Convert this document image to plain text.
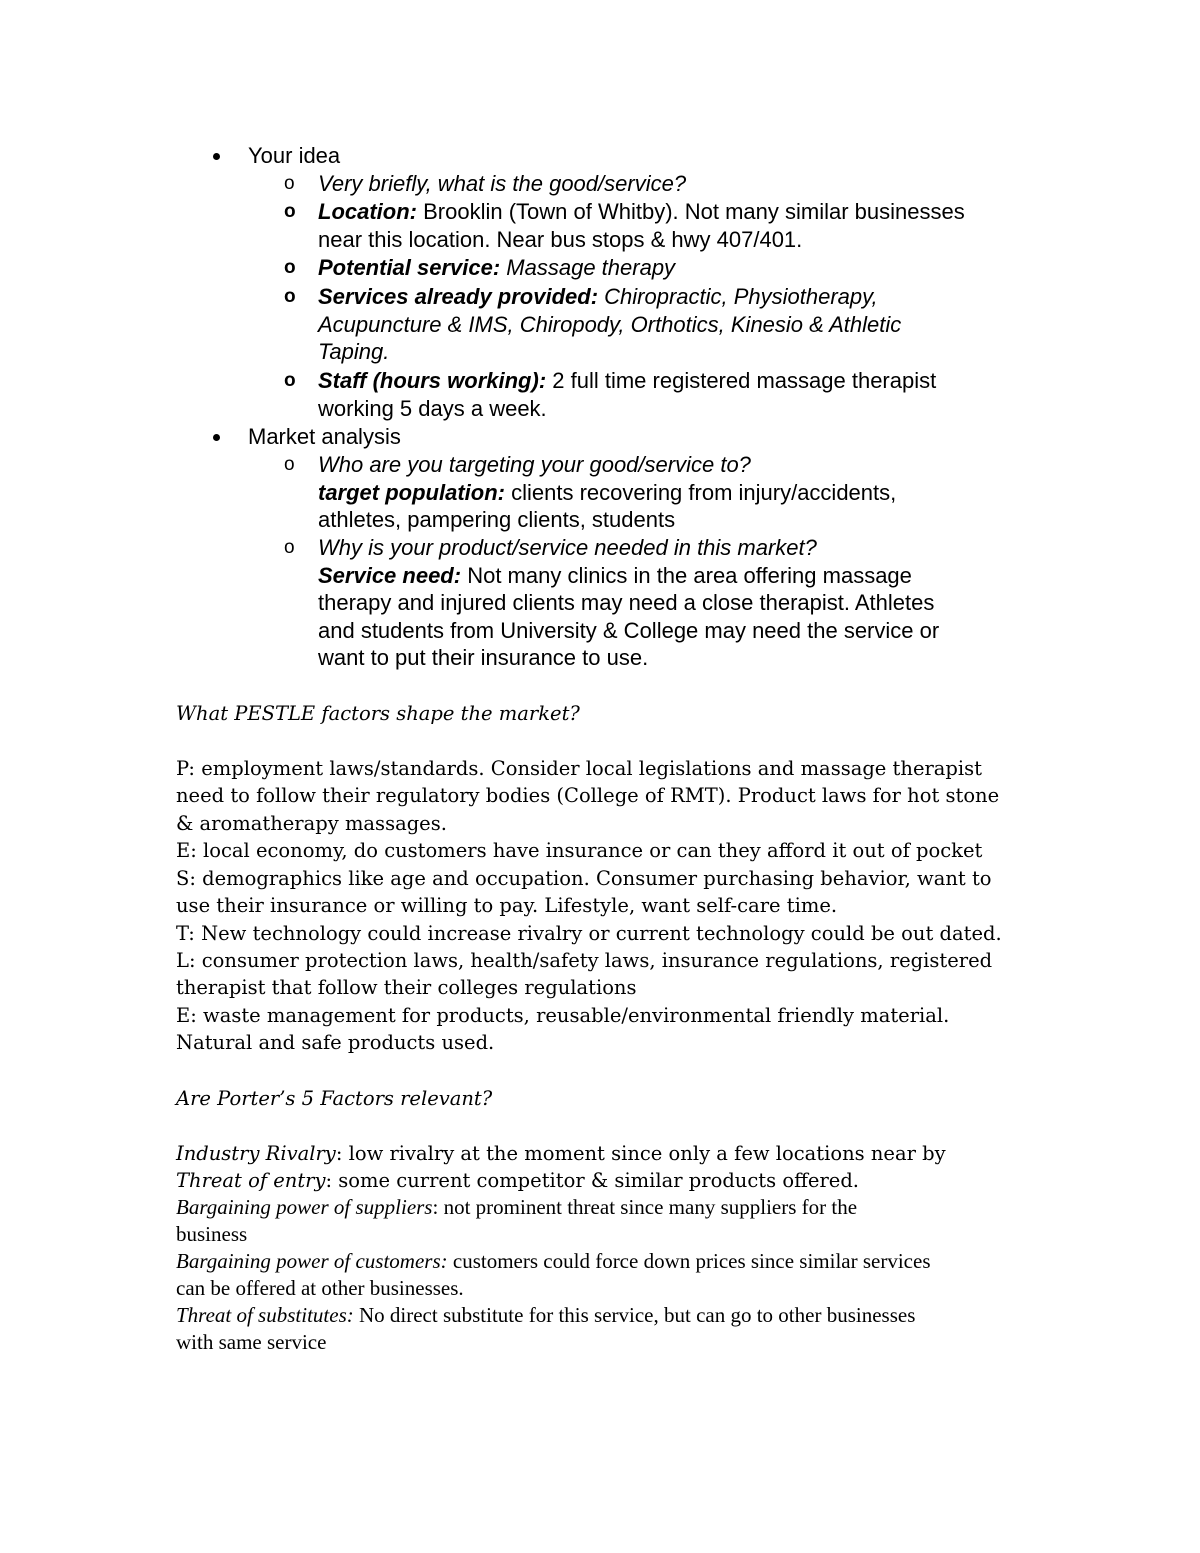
Your idea
o	Very briefly, what is the good/service?
o	Location: Brooklin (Town of Whitby). Not many similar businesses
near this location. Near bus stops & hwy 407/401.
o	Potential service: Massage therapy
o	Services already provided: Chiropractic, Physiotherapy,
Acupuncture & IMS, Chiropody, Orthotics, Kinesio & Athletic
Taping.
o	Staff (hours working): 2 full time registered massage therapist
working 5 days a week.
Market analysis
o	Who are you targeting your good/service to?
target population: clients recovering from injury/accidents,
athletes, pampering clients, students
o	Why is your product/service needed in this market?
Service need: Not many clinics in the area offering massage
therapy and injured clients may need a close therapist. Athletes
and students from University & College may need the service or
want to put their insurance to use.
What PESTLE factors shape the market?
P: employment laws/standards. Consider local legislations and massage therapist
need to follow their regulatory bodies (College of RMT). Product laws for hot stone
& aromatherapy massages.
E: local economy, do customers have insurance or can they afford it out of pocket
S: demographics like age and occupation. Consumer purchasing behavior, want to
use their insurance or willing to pay. Lifestyle, want self-care time.
T: New technology could increase rivalry or current technology could be out dated.
L: consumer protection laws, health/safety laws, insurance regulations, registered
therapist that follow their colleges regulations
E: waste management for products, reusable/environmental friendly material.
Natural and safe products used.
Are Porter’s 5 Factors relevant?
Industry Rivalry: low rivalry at the moment since only a few locations near by
Threat of entry: some current competitor & similar products offered.
Bargaining power of suppliers: not prominent threat since many suppliers for the
business
Bargaining power of customers: customers could force down prices since similar services
can be offered at other businesses.
Threat of substitutes: No direct substitute for this service, but can go to other businesses
with same service
